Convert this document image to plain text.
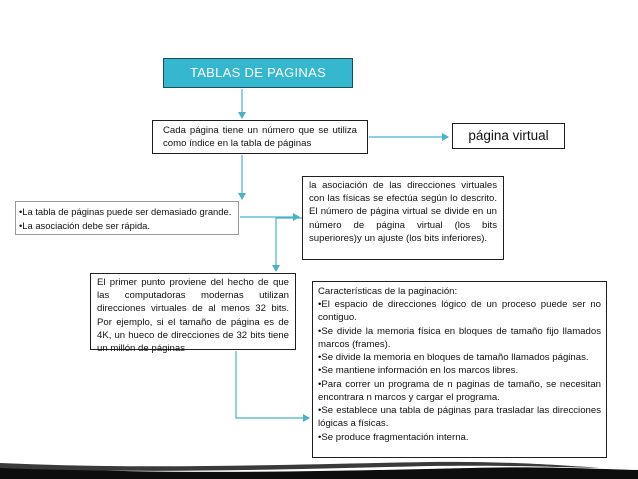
TABLAS DE PAGINAS

Cada página tiene un número que se utiliza como índice en la tabla de páginas

página virtual

•La tabla de páginas puede ser demasiado grande.

•La asociación debe ser rápida.

la asociación de las direcciones virtuales con las físicas se efectúa según lo descrito. El número de página virtual se divide en un número de página virtual (los bits superiores)y un ajuste (los bits inferiores).

El primer punto proviene del hecho de que las computadoras modernas utilizan direcciones virtuales de al menos 32 bits. Por ejemplo, si el tamaño de página es de 4K, un hueco de direcciones de 32 bits tiene un millón de páginas

Características de la paginación:

•El espacio de direcciones lógico de un proceso puede ser no contiguo.

•Se divide la memoria física en bloques de tamaño fijo llamados marcos (frames).

•Se divide la memoria en bloques de tamaño llamados páginas.

•Se mantiene información en los marcos libres.

•Para correr un programa de n paginas de tamaño, se necesitan encontrara n marcos y cargar el programa.

•Se establece una tabla de páginas para trasladar las direcciones lógicas a físicas.

•Se produce fragmentación interna.
